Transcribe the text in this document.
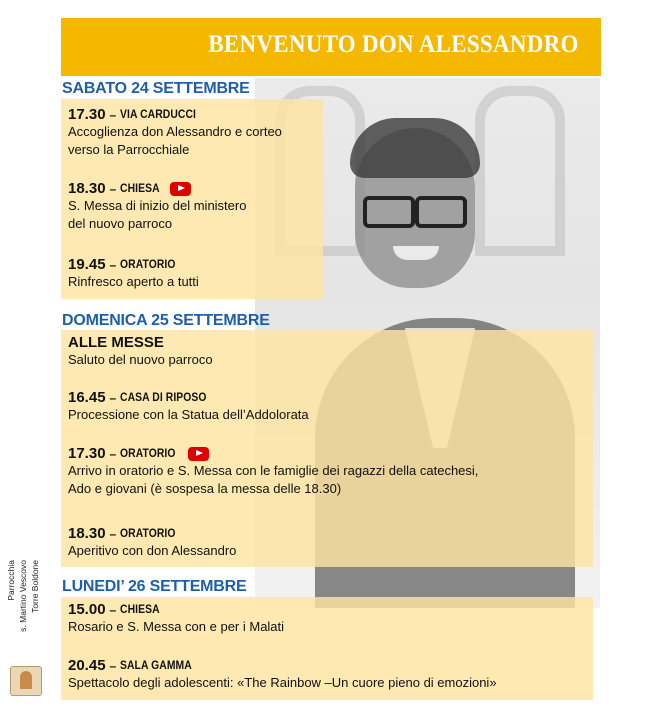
BENVENUTO DON ALESSANDRO
SABATO 24 SETTEMBRE
17.30 – VIA CARDUCCI
Accoglienza don Alessandro e corteo
verso la Parrocchiale
18.30 – CHIESA
S. Messa di inizio del ministero
del nuovo parroco
19.45 – ORATORIO
Rinfresco aperto a tutti
DOMENICA 25 SETTEMBRE
ALLE MESSE
Saluto del nuovo parroco
16.45 – CASA DI RIPOSO
Processione con la Statua dell’Addolorata
17.30 – ORATORIO
Arrivo in oratorio e S. Messa con le famiglie dei ragazzi della catechesi,
Ado e giovani (è sospesa la messa delle 18.30)
18.30 – ORATORIO
Aperitivo con don Alessandro
LUNEDI’ 26 SETTEMBRE
15.00 – CHIESA
Rosario e S. Messa con e per i Malati
20.45 – SALA GAMMA
Spettacolo degli adolescenti: «The Rainbow –Un cuore pieno di emozioni»
Parrocchia s. Martino Vescovo Torre Boldone
